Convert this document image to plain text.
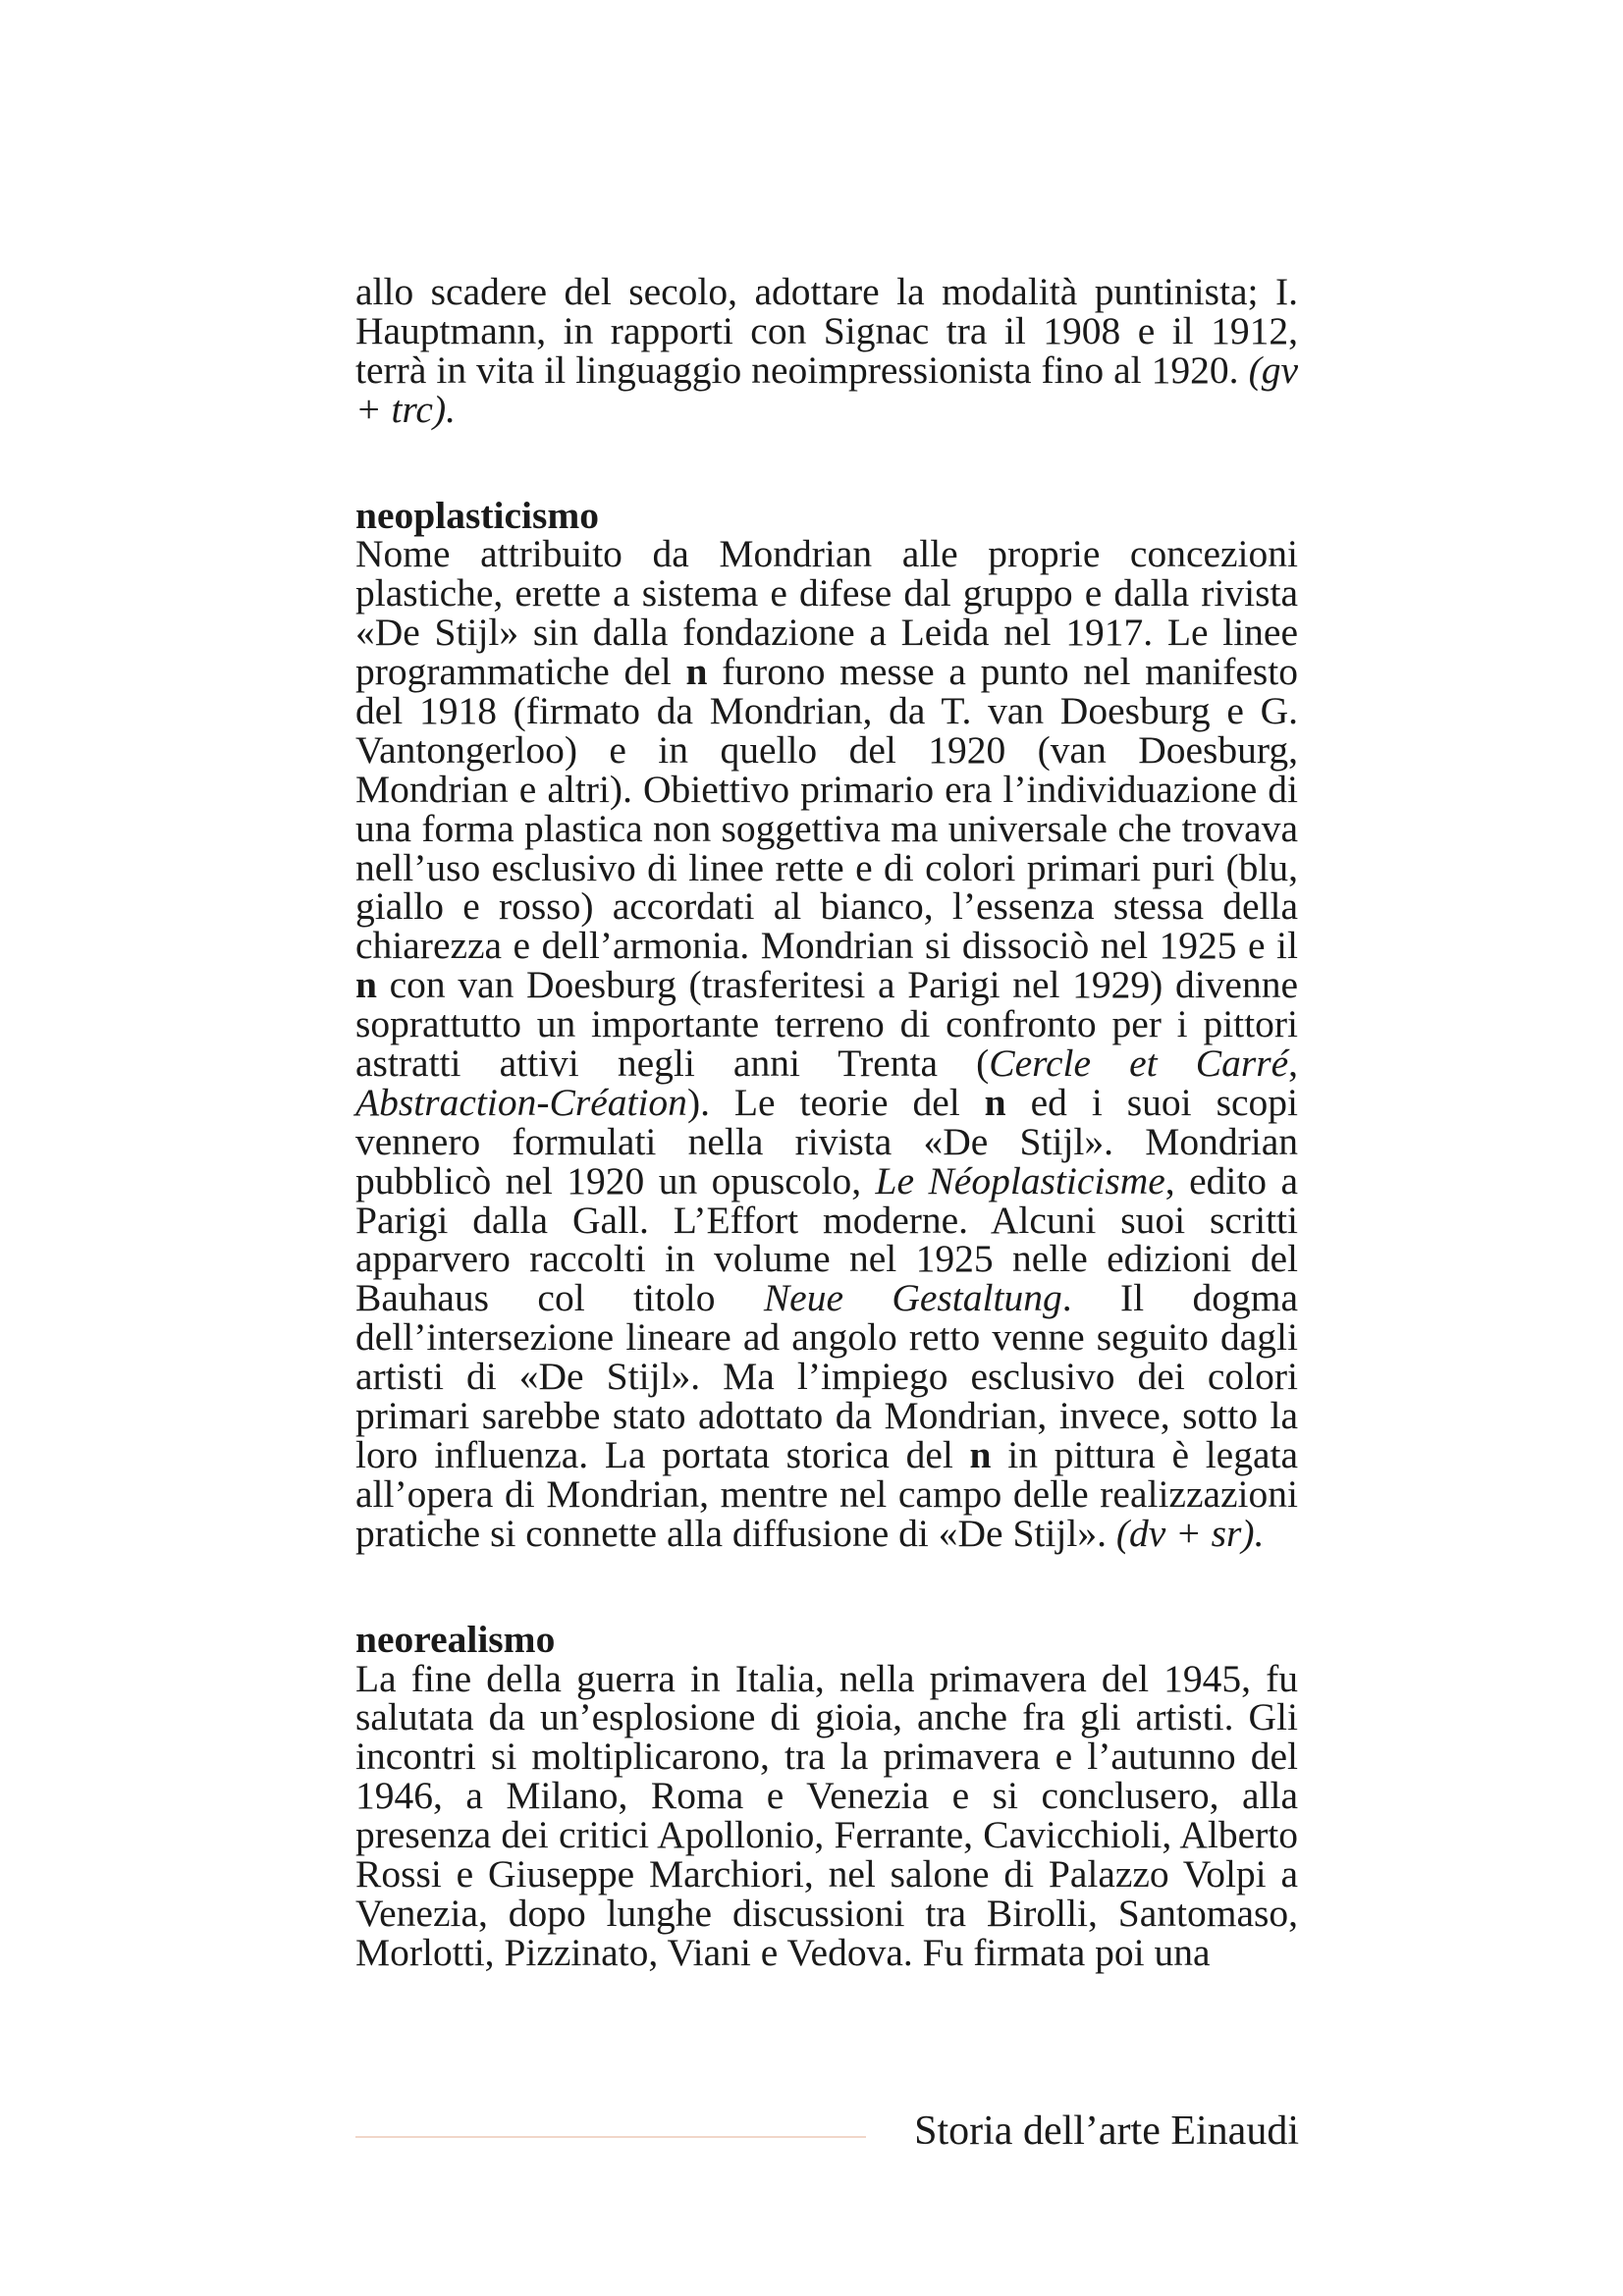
allo scadere del secolo, adottare la modalità puntinista; I. Hauptmann, in rapporti con Signac tra il 1908 e il 1912, terrà in vita il linguaggio neoimpressionista fino al 1920. (gv + trc).

neoplasticismo

Nome attribuito da Mondrian alle proprie concezioni plastiche, erette a sistema e difese dal gruppo e dalla rivista «De Stijl» sin dalla fondazione a Leida nel 1917. Le linee programmatiche del n furono messe a punto nel manifesto del 1918 (firmato da Mondrian, da T. van Doesburg e G. Vantongerloo) e in quello del 1920 (van Doesburg, Mondrian e altri). Obiettivo primario era l’individuazione di una forma plastica non soggettiva ma universale che trovava nell’uso esclusivo di linee rette e di colori primari puri (blu, giallo e rosso) accordati al bianco, l’essenza stessa della chiarezza e dell’armonia. Mondrian si dissociò nel 1925 e il n con van Doesburg (trasferitesi a Parigi nel 1929) divenne soprattutto un importante terreno di confronto per i pittori astratti attivi negli anni Trenta (Cercle et Carré, Abstraction-Création). Le teorie del n ed i suoi scopi vennero formulati nella rivista «De Stijl». Mondrian pubblicò nel 1920 un opuscolo, Le Néoplasticisme, edito a Parigi dalla Gall. L’Effort moderne. Alcuni suoi scritti apparvero raccolti in volume nel 1925 nelle edizioni del Bauhaus col titolo Neue Gestaltung. Il dogma dell’intersezione lineare ad angolo retto venne seguito dagli artisti di «De Stijl». Ma l’impiego esclusivo dei colori primari sarebbe stato adottato da Mondrian, invece, sotto la loro influenza. La portata storica del n in pittura è legata all’opera di Mondrian, mentre nel campo delle realizzazioni pratiche si connette alla diffusione di «De Stijl». (dv + sr).

neorealismo

La fine della guerra in Italia, nella primavera del 1945, fu salutata da un’esplosione di gioia, anche fra gli artisti. Gli incontri si moltiplicarono, tra la primavera e l’autunno del 1946, a Milano, Roma e Venezia e si conclusero, alla presenza dei critici Apollonio, Ferrante, Cavicchioli, Alberto Rossi e Giuseppe Marchiori, nel salone di Palazzo Volpi a Venezia, dopo lunghe discussioni tra Birolli, Santomaso, Morlotti, Pizzinato, Viani e Vedova. Fu firmata poi una

Storia dell’arte Einaudi
